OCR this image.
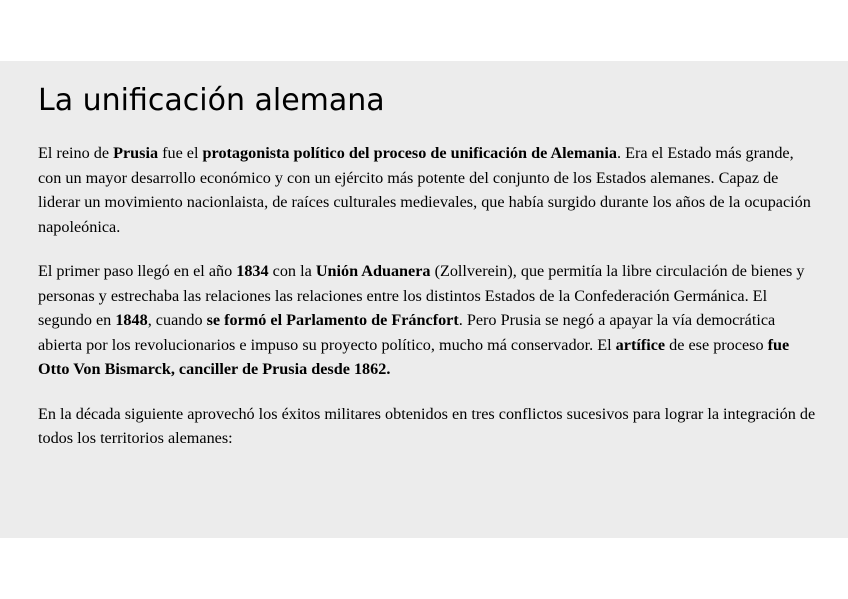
La unificación alemana

El reino de Prusia fue el protagonista político del proceso de unificación de Alemania. Era el Estado más grande, con un mayor desarrollo económico y con un ejército más potente del conjunto de los Estados alemanes. Capaz de liderar un movimiento nacionlaista, de raíces culturales medievales, que había surgido durante los años de la ocupación napoleónica.

El primer paso llegó en el año 1834 con la Unión Aduanera (Zollverein), que permitía la libre circulación de bienes y personas y estrechaba las relaciones las relaciones entre los distintos Estados de la Confederación Germánica. El segundo en 1848, cuando se formó el Parlamento de Fráncfort. Pero Prusia se negó a apayar la vía democrática abierta por los revolucionarios e impuso su proyecto político, mucho má conservador. El artífice de ese proceso fue Otto Von Bismarck, canciller de Prusia desde 1862.

En la década siguiente aprovechó los éxitos militares obtenidos en tres conflictos sucesivos para lograr la integración de todos los territorios alemanes:
